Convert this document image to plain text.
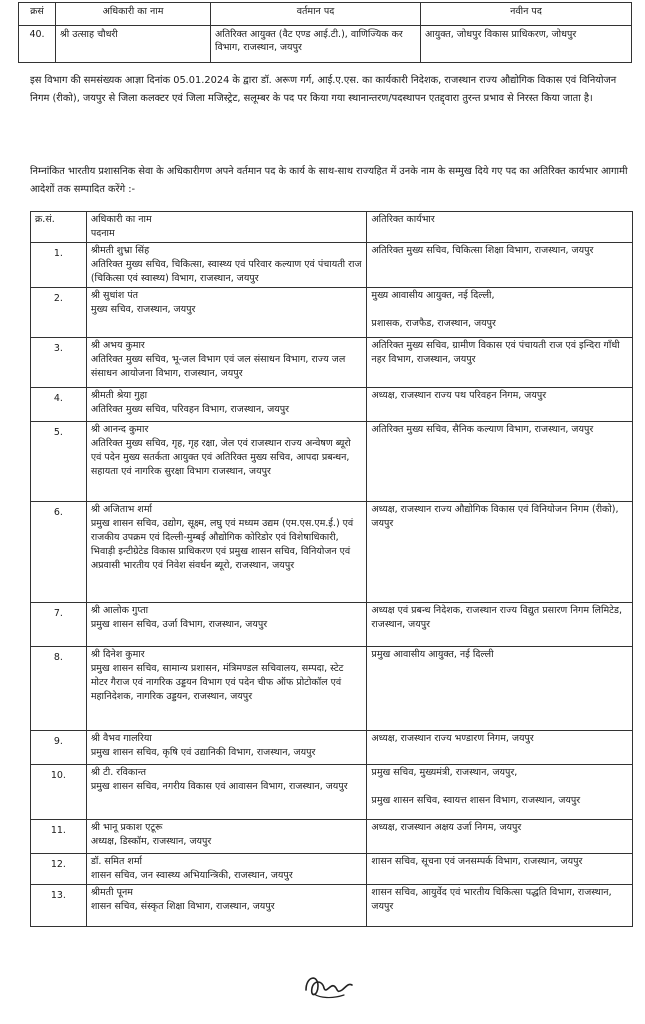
क्रसं	अधिकारी का नाम	वर्तमान पद	नवीन पद
40.	श्री उत्साह चौधरी	अतिरिक्त आयुक्त (वैट एण्ड आई.टी.), वाणिज्यिक कर विभाग, राजस्थान, जयपुर	आयुक्त, जोधपुर विकास प्राधिकरण, जोधपुर

इस विभाग की समसंख्यक आज्ञा दिनांक 05.01.2024 के द्वारा डॉ. अरूण गर्ग, आई.ए.एस. का कार्यकारी निदेशक, राजस्थान राज्य औद्योगिक विकास एवं विनियोजन निगम (रीको), जयपुर से जिला कलक्टर एवं जिला मजिस्ट्रेट, सलूम्बर के पद पर किया गया स्थानान्तरण/पदस्थापन एतद्द्वारा तुरन्त प्रभाव से निरस्त किया जाता है।

निम्नांकित भारतीय प्रशासनिक सेवा के अधिकारीगण अपने वर्तमान पद के कार्य के साथ-साथ राज्यहित में उनके नाम के सम्मुख दिये गए पद का अतिरिक्त कार्यभार आगामी आदेशों तक सम्पादित करेंगे :-

क्र.सं.	अधिकारी का नाम
पदनाम	अतिरिक्त कार्यभार
1.	श्रीमती शुभ्रा सिंह
अतिरिक्त मुख्य सचिव, चिकित्सा, स्वास्थ्य एवं परिवार कल्याण एवं पंचायती राज (चिकित्सा एवं स्वास्थ्य) विभाग, राजस्थान, जयपुर	अतिरिक्त मुख्य सचिव, चिकित्सा शिक्षा विभाग, राजस्थान, जयपुर

2.	श्री सुधांश पंत
मुख्य सचिव, राजस्थान, जयपुर	मुख्य आवासीय आयुक्त, नई दिल्ली,
प्रशासक, राजफैड, राजस्थान, जयपुर

3.	श्री अभय कुमार
अतिरिक्त मुख्य सचिव, भू-जल विभाग एवं जल संसाधन विभाग, राज्य जल संसाधन आयोजना विभाग, राजस्थान, जयपुर	अतिरिक्त मुख्य सचिव, ग्रामीण विकास एवं पंचायती राज एवं इन्दिरा गाँधी नहर विभाग, राजस्थान, जयपुर

4.	श्रीमती श्रेया गुहा
अतिरिक्त मुख्य सचिव, परिवहन विभाग, राजस्थान, जयपुर	अध्यक्ष, राजस्थान राज्य पथ परिवहन निगम, जयपुर

5.	श्री आनन्द कुमार
अतिरिक्त मुख्य सचिव, गृह, गृह रक्षा, जेल एवं राजस्थान राज्य अन्वेषण ब्यूरो एवं पदेन मुख्य सतर्कता आयुक्त एवं अतिरिक्त मुख्य सचिव, आपदा प्रबन्धन, सहायता एवं नागरिक सुरक्षा विभाग राजस्थान, जयपुर	अतिरिक्त मुख्य सचिव, सैनिक कल्याण विभाग, राजस्थान, जयपुर

6.	श्री अजिताभ शर्मा
प्रमुख शासन सचिव, उद्योग, सूक्ष्म, लघु एवं मध्यम उद्यम (एम.एस.एम.ई.) एवं राजकीय उपक्रम एवं दिल्ली-मुम्बई औद्योगिक कोरिडोर एवं विशेषाधिकारी, भिवाड़ी इन्टीग्रेटेड विकास प्राधिकरण एवं प्रमुख शासन सचिव, विनियोजन एवं अप्रवासी भारतीय एवं निवेश संवर्धन ब्यूरो, राजस्थान, जयपुर	अध्यक्ष, राजस्थान राज्य औद्योगिक विकास एवं विनियोजन निगम (रीको), जयपुर

7.	श्री आलोक गुप्ता
प्रमुख शासन सचिव, उर्जा विभाग, राजस्थान, जयपुर	अध्यक्ष एवं प्रबन्ध निदेशक, राजस्थान राज्य विद्युत प्रसारण निगम लिमिटेड, राजस्थान, जयपुर

8.	श्री दिनेश कुमार
प्रमुख शासन सचिव, सामान्य प्रशासन, मंत्रिमण्डल सचिवालय, सम्पदा, स्टेट मोटर गैराज एवं नागरिक उड्डयन विभाग एवं पदेन चीफ ऑफ प्रोटोकॉल एवं महानिदेशक, नागरिक उड्डयन, राजस्थान, जयपुर	प्रमुख आवासीय आयुक्त, नई दिल्ली

9.	श्री वैभव गालरिया
प्रमुख शासन सचिव, कृषि एवं उद्यानिकी विभाग, राजस्थान, जयपुर	अध्यक्ष, राजस्थान राज्य भण्डारण निगम, जयपुर

10.	श्री टी. रविकान्त
प्रमुख शासन सचिव, नगरीय विकास एवं आवासन विभाग, राजस्थान, जयपुर	प्रमुख सचिव, मुख्यमंत्री, राजस्थान, जयपुर,
प्रमुख शासन सचिव, स्वायत्त शासन विभाग, राजस्थान, जयपुर

11.	श्री भानू प्रकाश एटूरू
अध्यक्ष, डिस्कॉम, राजस्थान, जयपुर	अध्यक्ष, राजस्थान अक्षय उर्जा निगम, जयपुर

12.	डॉ. समित शर्मा
शासन सचिव, जन स्वास्थ्य अभियान्त्रिकी, राजस्थान, जयपुर	शासन सचिव, सूचना एवं जनसम्पर्क विभाग, राजस्थान, जयपुर

13.	श्रीमती पूनम
शासन सचिव, संस्कृत शिक्षा विभाग, राजस्थान, जयपुर	शासन सचिव, आयुर्वेद एवं भारतीय चिकित्सा पद्धति विभाग, राजस्थान, जयपुर
